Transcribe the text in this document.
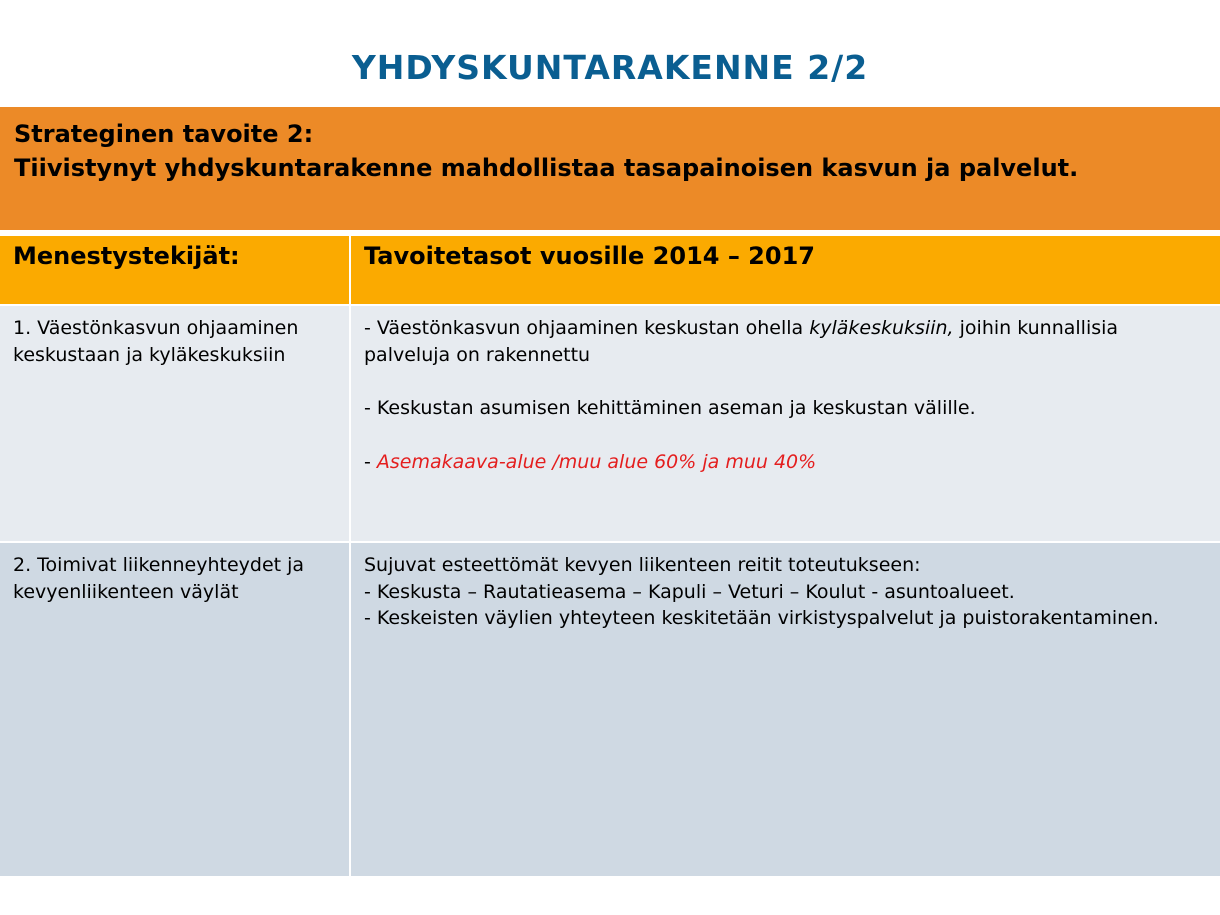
YHDYSKUNTARAKENNE 2/2
Strateginen tavoite 2:
Tiivistynyt yhdyskuntarakenne mahdollistaa tasapainoisen kasvun ja palvelut.
Menestystekijät:	Tavoitetasot vuosille 2014 – 2017
1. Väestönkasvun ohjaaminen keskustaan ja kyläkeskuksiin

- Väestönkasvun ohjaaminen keskustan ohella kyläkeskuksiin, joihin kunnallisia palveluja on rakennettu

- Keskustan asumisen kehittäminen aseman ja keskustan välille.

- Asemakaava-alue /muu alue 60% ja muu 40%

2. Toimivat liikenneyhteydet ja kevyenliikenteen väylät

Sujuvat esteettömät kevyen liikenteen reitit toteutukseen:

- Keskusta – Rautatieasema – Kapuli – Veturi – Koulut - asuntoalueet.

- Keskeisten väylien yhteyteen keskitetään virkistyspalvelut ja puistorakentaminen.
